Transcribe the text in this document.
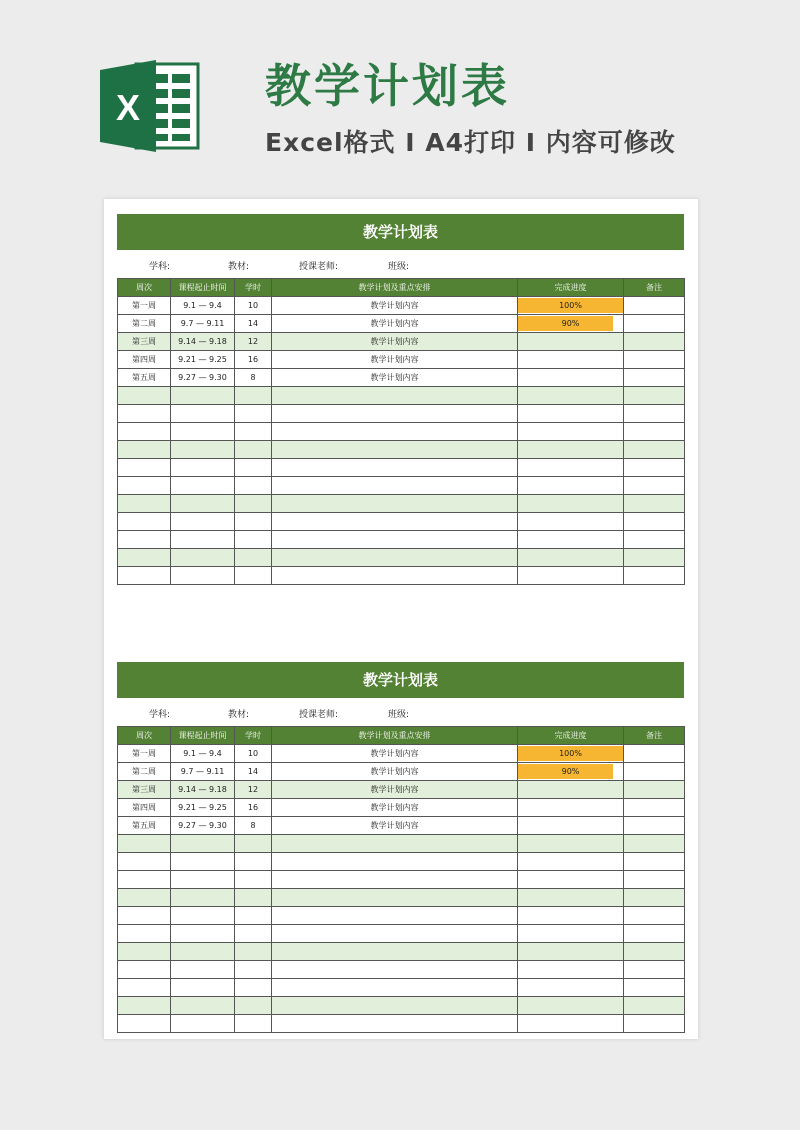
X	教学计划表
Excel格式 Ⅰ A4打印 Ⅰ 内容可修改
教学计划表
学科:	教材:	授课老师:	班级:
周次	课程起止时间	学时	教学计划及重点安排	完成进度	备注
第一周	9.1 — 9.4	10	教学计划内容	100%	
第二周	9.7 — 9.11	14	教学计划内容	90%	
第三周	9.14 — 9.18	12	教学计划内容	

第四周	9.21 — 9.25	16	教学计划内容	

第五周	9.27 — 9.30	8	教学计划内容	

教学计划表
学科:	教材:	授课老师:	班级:
周次	课程起止时间	学时	教学计划及重点安排	完成进度	备注
第一周	9.1 — 9.4	10	教学计划内容	100%	
第二周	9.7 — 9.11	14	教学计划内容	90%	
第三周	9.14 — 9.18	12	教学计划内容	

第四周	9.21 — 9.25	16	教学计划内容	

第五周	9.27 — 9.30	8	教学计划内容	
